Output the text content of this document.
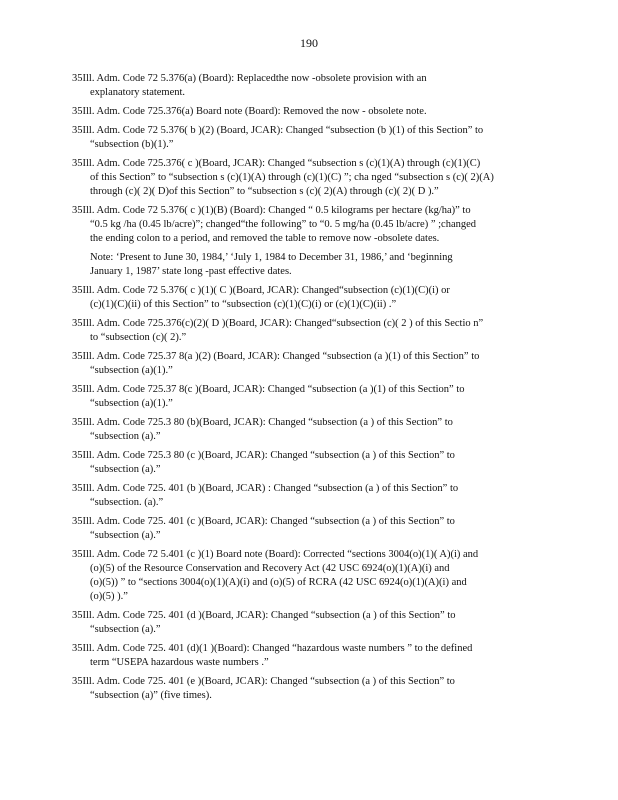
190
35Ill. Adm. Code 72 5.376(a) (Board): Replacedthe now -obsolete provision with an
explanatory statement.
35Ill. Adm. Code 725.376(a) Board note (Board): Removed the now - obsolete note.
35Ill. Adm. Code 72 5.376( b )(2) (Board, JCAR): Changed “subsection (b )(1) of this Section” to
“subsection (b)(1).”
35Ill. Adm. Code 725.376( c )(Board, JCAR): Changed “subsection s (c)(1)(A) through (c)(1)(C)
of this Section” to “subsection s (c)(1)(A) through (c)(1)(C) ”; cha nged “subsection s (c)( 2)(A)
through (c)( 2)( D)of this Section” to “subsection s (c)( 2)(A) through (c)( 2)( D ).”
35Ill. Adm. Code 72 5.376( c )(1)(B) (Board): Changed “ 0.5 kilograms per hectare (kg/ha)” to
“0.5 kg /ha (0.45 lb/acre)”; changed“the following” to “0. 5 mg/ha (0.45 lb/acre) ” ;changed
the ending colon to a period, and removed the table to remove now -obsolete dates.
Note: ‘Present to June 30, 1984,’ ‘July 1, 1984 to December 31, 1986,’ and ‘beginning
January 1, 1987’ state long -past effective dates.
35Ill. Adm. Code 72 5.376( c )(1)( C )(Board, JCAR): Changed“subsection (c)(1)(C)(i) or
(c)(1)(C)(ii) of this Section” to “subsection (c)(1)(C)(i) or (c)(1)(C)(ii) .”
35Ill. Adm. Code 725.376(c)(2)( D )(Board, JCAR): Changed“subsection (c)( 2 ) of this Sectio n”
to “subsection (c)( 2).”
35Ill. Adm. Code 725.37 8(a )(2) (Board, JCAR): Changed “subsection (a )(1) of this Section” to
“subsection (a)(1).”
35Ill. Adm. Code 725.37 8(c )(Board, JCAR): Changed “subsection (a )(1) of this Section” to
“subsection (a)(1).”
35Ill. Adm. Code 725.3 80 (b)(Board, JCAR): Changed “subsection (a ) of this Section” to
“subsection (a).”
35Ill. Adm. Code 725.3 80 (c )(Board, JCAR): Changed “subsection (a ) of this Section” to
“subsection (a).”
35Ill. Adm. Code 725. 401 (b )(Board, JCAR) : Changed “subsection (a ) of this Section” to
“subsection. (a).”
35Ill. Adm. Code 725. 401 (c )(Board, JCAR): Changed “subsection (a ) of this Section” to
“subsection (a).”
35Ill. Adm. Code 72 5.401 (c )(1) Board note (Board): Corrected “sections 3004(o)(1)( A)(i) and
(o)(5) of the Resource Conservation and Recovery Act (42 USC 6924(o)(1)(A)(i) and
(o)(5)) ” to “sections 3004(o)(1)(A)(i) and (o)(5) of RCRA (42 USC 6924(o)(1)(A)(i) and
(o)(5) ).”
35Ill. Adm. Code 725. 401 (d )(Board, JCAR): Changed “subsection (a ) of this Section” to
“subsection (a).”
35Ill. Adm. Code 725. 401 (d)(1 )(Board): Changed “hazardous waste numbers ” to the defined
term “USEPA hazardous waste numbers .”
35Ill. Adm. Code 725. 401 (e )(Board, JCAR): Changed “subsection (a ) of this Section” to
“subsection (a)” (five times).
